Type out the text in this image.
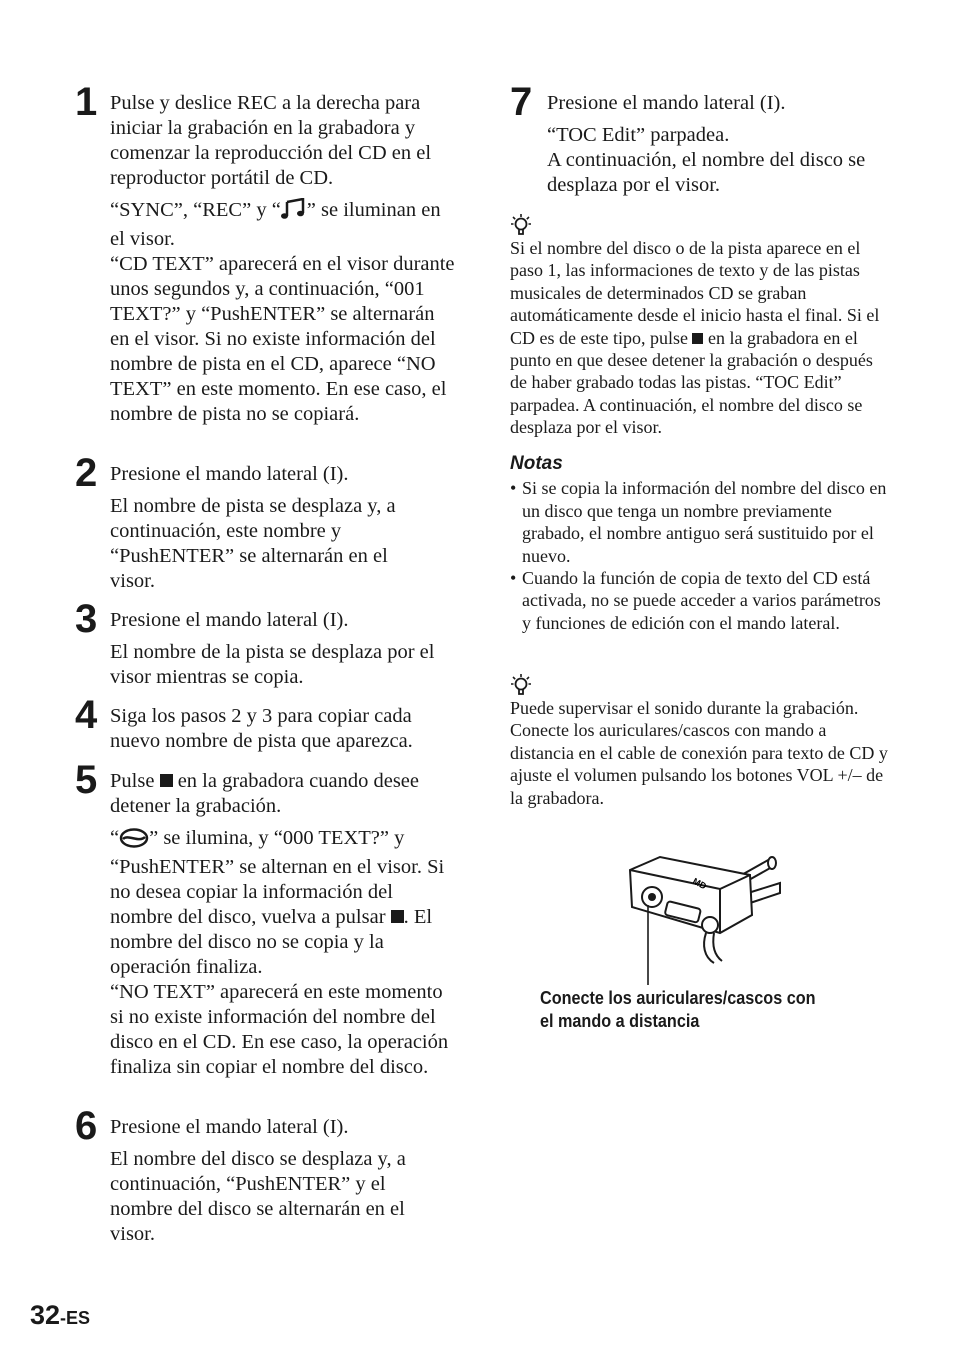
1 Pulse y deslice REC a la derecha para iniciar la grabación en la grabadora y comenzar la reproducción del CD en el reproductor portátil de CD.

“SYNC”, “REC” y “ ” se iluminan en el visor.

“CD TEXT” aparecerá en el visor durante unos segundos y, a continuación, “001 TEXT?” y “PushENTER” se alternarán en el visor. Si no existe información del nombre de pista en el CD, aparece “NO TEXT” en este momento. En ese caso, el nombre de pista no se copiará.

2 Presione el mando lateral (I).

El nombre de pista se desplaza y, a continuación, este nombre y “PushENTER” se alternarán en el visor.

3 Presione el mando lateral (I).

El nombre de la pista se desplaza por el visor mientras se copia.

4 Siga los pasos 2 y 3 para copiar cada nuevo nombre de pista que aparezca.

5 Pulse  en la grabadora cuando desee detener la grabación.

“ ” se ilumina, y “000 TEXT?” y “PushENTER” se alternan en el visor. Si no desea copiar la información del nombre del disco, vuelva a pulsar . El nombre del disco no se copia y la operación finaliza.

“NO TEXT” aparecerá en este momento si no existe información del nombre del disco en el CD. En ese caso, la operación finaliza sin copiar el nombre del disco.

6 Presione el mando lateral (I).

El nombre del disco se desplaza y, a continuación, “PushENTER” y el nombre del disco se alternarán en el visor.

7 Presione el mando lateral (I).

“TOC Edit” parpadea.

A continuación, el nombre del disco se desplaza por el visor.

Si el nombre del disco o de la pista aparece en el paso 1, las informaciones de texto y de las pistas musicales de determinados CD se graban automáticamente desde el inicio hasta el final. Si el CD es de este tipo, pulse  en la grabadora en el punto en que desee detener la grabación o después de haber grabado todas las pistas. “TOC Edit” parpadea. A continuación, el nombre del disco se desplaza por el visor.

Notas
• Si se copia la información del nombre del disco en un disco que tenga un nombre previamente grabado, el nombre antiguo será sustituido por el nuevo.
• Cuando la función de copia de texto del CD está activada, no se puede acceder a varios parámetros y funciones de edición con el mando lateral.

Puede supervisar el sonido durante la grabación.

Conecte los auriculares/cascos con mando a distancia en el cable de conexión para texto de CD y ajuste el volumen pulsando los botones VOL +/– de la grabadora.

MD
Conecte los auriculares/cascos con
el mando a distancia
32-ES
